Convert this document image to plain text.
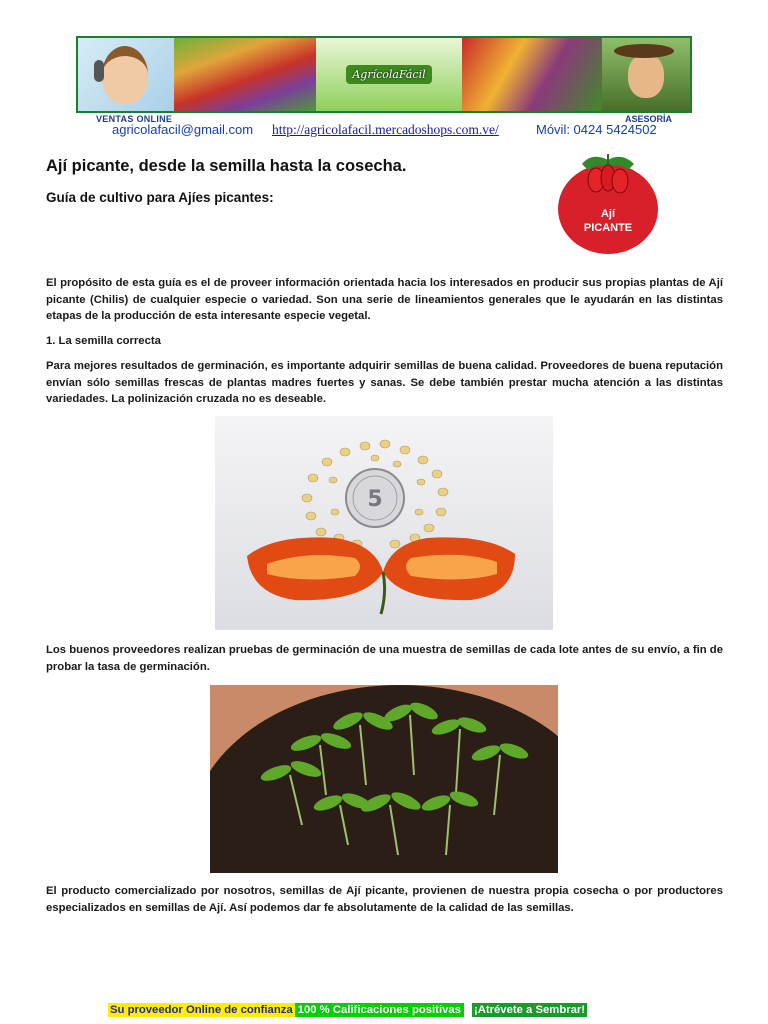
AgrícolaFácil
VENTAS ONLINE	ASESORÍA
agricolafacil@gmail.com http://agricolafacil.mercadoshops.com.ve/	Móvil: 0424 5424502
Ají picante, desde la semilla hasta la cosecha.
Guía de cultivo para Ajíes picantes:
Ají
PICANTE
El propósito de esta guía es el de proveer información orientada hacia los interesados en producir sus propias plantas de Ají picante (Chilis) de cualquier especie o variedad. Son una serie de lineamientos generales que le ayudarán en las distintas etapas de la producción de esta interesante especie vegetal.
1. La semilla correcta
Para mejores resultados de germinación, es importante adquirir semillas de buena calidad. Proveedores de buena reputación envían sólo semillas frescas de plantas madres fuertes y sanas. Se debe también prestar mucha atención a las distintas variedades. La polinización cruzada no es deseable.
5
Los buenos proveedores realizan pruebas de germinación de una muestra de semillas de cada lote antes de su envío, a fin de probar la tasa de germinación.
El producto comercializado por nosotros, semillas de Ají picante, provienen de nuestra propia cosecha o por productores especializados en semillas de Ají. Así podemos dar fe absolutamente de la calidad de las semillas.
Su proveedor Online de confianza 100 % Calificaciones positivas ¡Atrévete a Sembrar!
